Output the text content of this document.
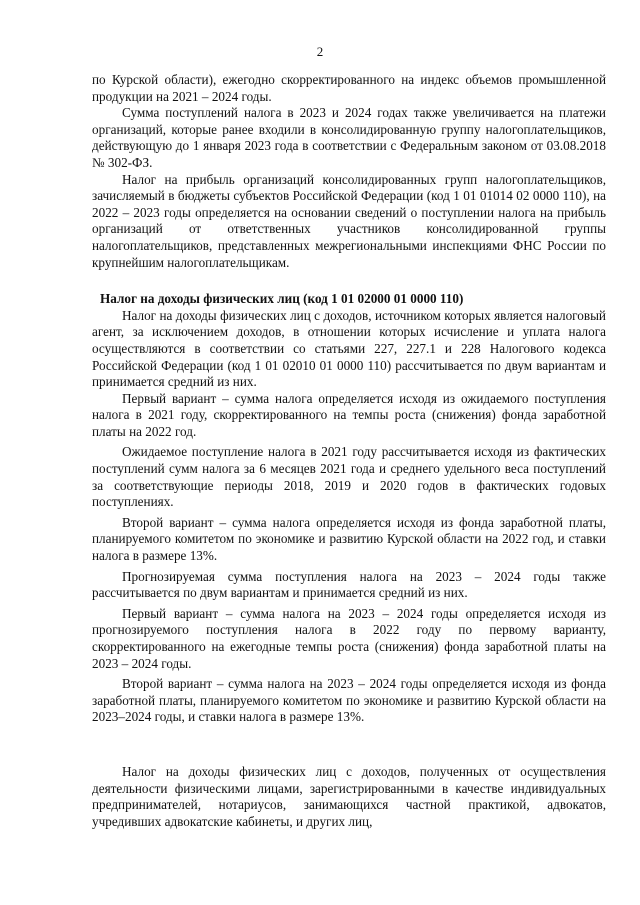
2

по Курской области), ежегодно скорректированного на индекс объемов промышленной продукции на 2021 – 2024 годы.

Сумма поступлений налога в 2023 и 2024 годах также увеличивается на платежи организаций, которые ранее входили в консолидированную группу налогоплательщиков, действующую до 1 января 2023 года в соответствии с Федеральным законом от 03.08.2018 № 302-ФЗ.

Налог на прибыль организаций консолидированных групп налогоплательщиков, зачисляемый в бюджеты субъектов Российской Федерации (код 1 01 01014 02 0000 110), на 2022 – 2023 годы определяется на основании сведений о поступлении налога на прибыль организаций от ответственных участников консолидированной группы налогоплательщиков, представленных межрегиональными инспекциями ФНС России по крупнейшим налогоплательщикам.

Налог на доходы физических лиц (код 1 01 02000 01 0000 110)

Налог на доходы физических лиц с доходов, источником которых является налоговый агент, за исключением доходов, в отношении которых исчисление и уплата налога осуществляются в соответствии со статьями 227, 227.1 и 228 Налогового кодекса Российской Федерации (код 1 01 02010 01 0000 110) рассчитывается по двум вариантам и принимается средний из них.

Первый вариант – сумма налога определяется исходя из ожидаемого поступления налога в 2021 году, скорректированного на темпы роста (снижения) фонда заработной платы на 2022 год.

Ожидаемое поступление налога в 2021 году рассчитывается исходя из фактических поступлений сумм налога за 6 месяцев 2021 года и среднего удельного веса поступлений за соответствующие периоды 2018, 2019 и 2020 годов в фактических годовых поступлениях.

Второй вариант – сумма налога определяется исходя из фонда заработной платы, планируемого комитетом по экономике и развитию Курской области на 2022 год, и ставки налога в размере 13%.

Прогнозируемая сумма поступления налога на 2023 – 2024 годы также рассчитывается по двум вариантам и принимается средний из них.

Первый вариант – сумма налога на 2023 – 2024 годы определяется исходя из прогнозируемого поступления налога в 2022 году по первому варианту, скорректированного на ежегодные темпы роста (снижения) фонда заработной платы на 2023 – 2024 годы.

Второй вариант – сумма налога на 2023 – 2024 годы определяется исходя из фонда заработной платы, планируемого комитетом по экономике и развитию Курской области на 2023–2024 годы, и ставки налога в размере 13%.

Налог на доходы физических лиц с доходов, полученных от осуществления деятельности физическими лицами, зарегистрированными в качестве индивидуальных предпринимателей, нотариусов, занимающихся частной практикой, адвокатов, учредивших адвокатские кабинеты, и других лиц,
